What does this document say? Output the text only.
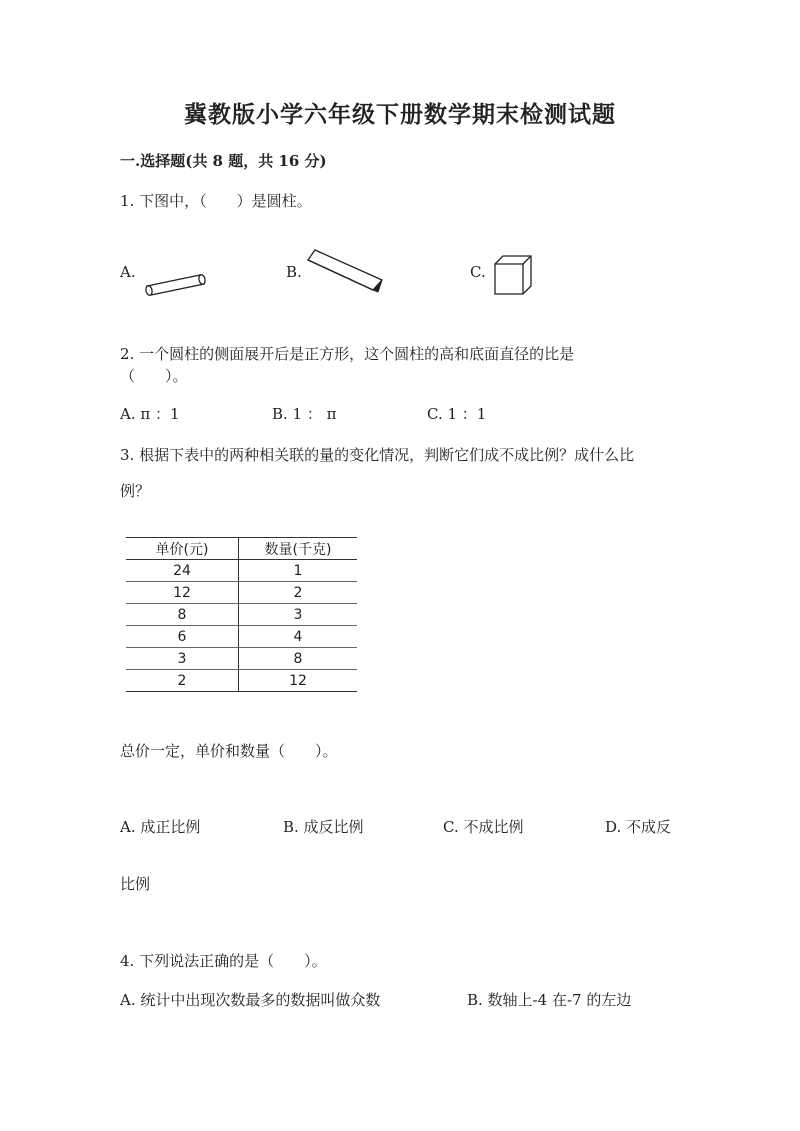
冀教版小学六年级下册数学期末检测试题
一.选择题(共 8 题，共 16 分)
1. 下图中，（　　）是圆柱。
A.	B.	C.
2. 一个圆柱的侧面展开后是正方形，这个圆柱的高和底面直径的比是
（　　）。
A. π ：1	B. 1 ： π	C. 1 ：1
3. 根据下表中的两种相关联的量的变化情况，判断它们成不成比例？成什么比
例？
单价(元)	数量(千克)
24	1
12	2
8	3
6	4
3	8
2	12
总价一定，单价和数量（　　）。
A. 成正比例	B. 成反比例	C. 不成比例	D. 不成反
比例
4. 下列说法正确的是（　　）。
A. 统计中出现次数最多的数据叫做众数	B. 数轴上-4 在-7 的左边
